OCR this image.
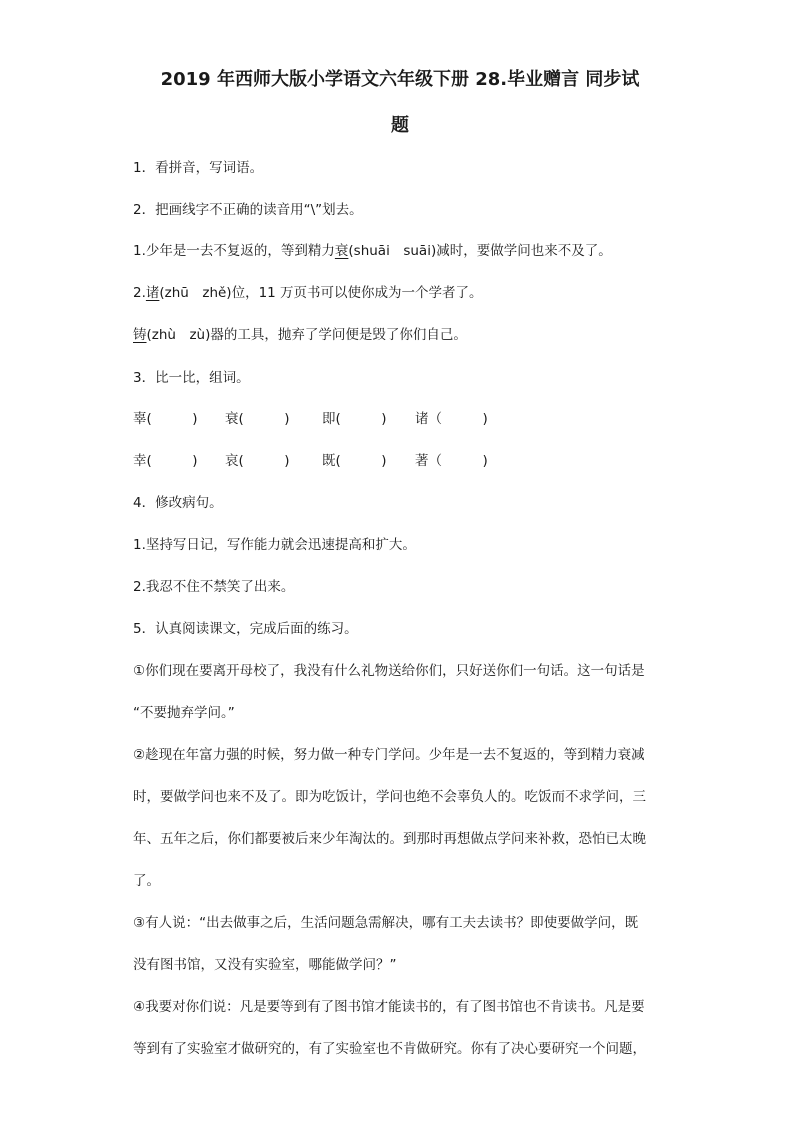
2019 年西师大版小学语文六年级下册 28.毕业赠言 同步试
题

1．看拼音，写词语。

2．把画线字不正确的读音用“\”划去。

1.少年是一去不复返的，等到精力衰(shuāi　suāi)减时，要做学问也来不及了。

2.诸(zhū　zhě)位，11 万页书可以使你成为一个学者了。

铸(zhù　zù)器的工具，抛弃了学问便是毁了你们自己。

3．比一比，组词。

辜(　　　) 衰(　　　) 即(　　　) 诸（　　　)
幸(　　　) 哀(　　　) 既(　　　) 著（　　　)

4．修改病句。

1.坚持写日记，写作能力就会迅速提高和扩大。

2.我忍不住不禁笑了出来。

5．认真阅读课文，完成后面的练习。

①你们现在要离开母校了，我没有什么礼物送给你们，只好送你们一句话。这一句话是

“不要抛弃学问。”

②趁现在年富力强的时候，努力做一种专门学问。少年是一去不复返的，等到精力衰减

时，要做学问也来不及了。即为吃饭计，学问也绝不会辜负人的。吃饭而不求学问，三

年、五年之后，你们都要被后来少年淘汰的。到那时再想做点学问来补救，恐怕已太晚

了。

③有人说：“出去做事之后，生活问题急需解决，哪有工夫去读书？即使要做学问，既

没有图书馆，又没有实验室，哪能做学问？”

④我要对你们说：凡是要等到有了图书馆才能读书的，有了图书馆也不肯读书。凡是要

等到有了实验室才做研究的，有了实验室也不肯做研究。你有了决心要研究一个问题，
